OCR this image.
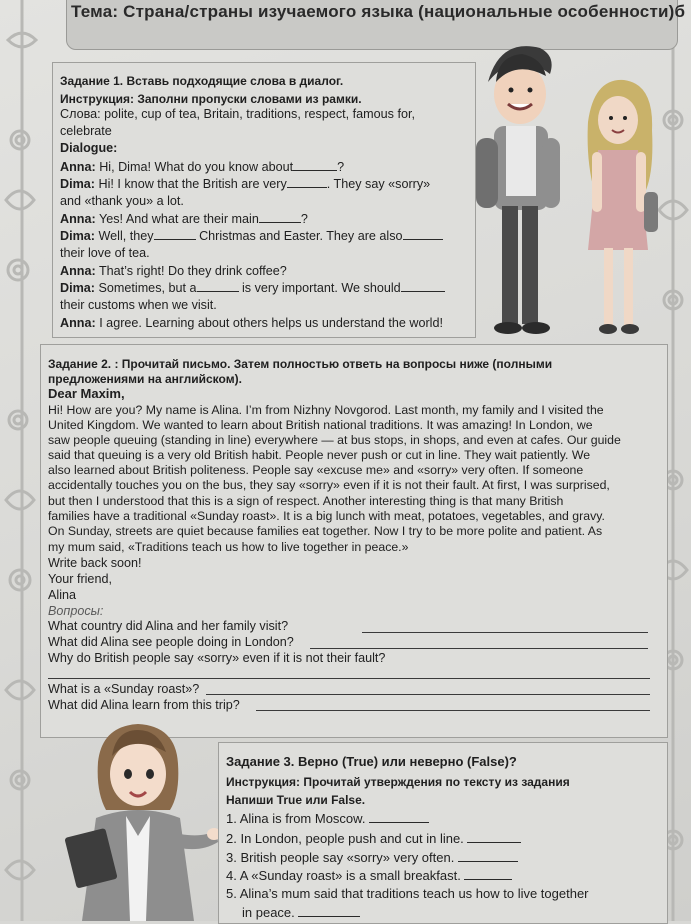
Тема: Страна/страны изучаемого языка (национальные особенности)б
Задание 1. Вставь подходящие слова в диалог.
Инструкция: Заполни пропуски словами из рамки.
Слова: polite, cup of tea, Britain, traditions, respect, famous for,
celebrate
Dialogue:
Anna: Hi, Dima! What do you know about	?
Dima: Hi! I know that the British are very	. They say «sorry»
and «thank you» a lot.
Anna: Yes! And what are their main	?
Dima: Well, they	Christmas and Easter. They are also
their love of tea.
Anna: That’s right! Do they drink coffee?
Dima: Sometimes, but a	is very important. We should
their customs when we visit.
Anna: I agree. Learning about others helps us understand the world!
Задание 2. : Прочитай письмо. Затем полностью ответь на вопросы ниже (полными
предложениями на английском).
Dear Maxim,
Hi! How are you? My name is Alina. I’m from Nizhny Novgorod. Last month, my family and I visited the
United Kingdom. We wanted to learn about British national traditions. It was amazing! In London, we
saw people queuing (standing in line) everywhere — at bus stops, in shops, and even at cafes. Our guide
said that queuing is a very old British habit. People never push or cut in line. They wait patiently. We
also learned about British politeness. People say «excuse me» and «sorry» very often. If someone
accidentally touches you on the bus, they say «sorry» even if it is not their fault. At first, I was surprised,
but then I understood that this is a sign of respect. Another interesting thing is that many British
families have a traditional «Sunday roast». It is a big lunch with meat, potatoes, vegetables, and gravy.
On Sunday, streets are quiet because families eat together. Now I try to be more polite and patient. As
my mum said, «Traditions teach us how to live together in peace.»
Write back soon!
Your friend,
Alina
Вопросы:
What country did Alina and her family visit?
What did Alina see people doing in London?
Why do British people say «sorry» even if it is not their fault?
What is a «Sunday roast»?
What did Alina learn from this trip?
Задание 3. Верно (True) или неверно (False)?
Инструкция: Прочитай утверждения по тексту из задания
Напиши True или False.
1. Alina is from Moscow.
2. In London, people push and cut in line.
3. British people say «sorry» very often.
4. A «Sunday roast» is a small breakfast.
5. Alina’s mum said that traditions teach us how to live together
in peace.
